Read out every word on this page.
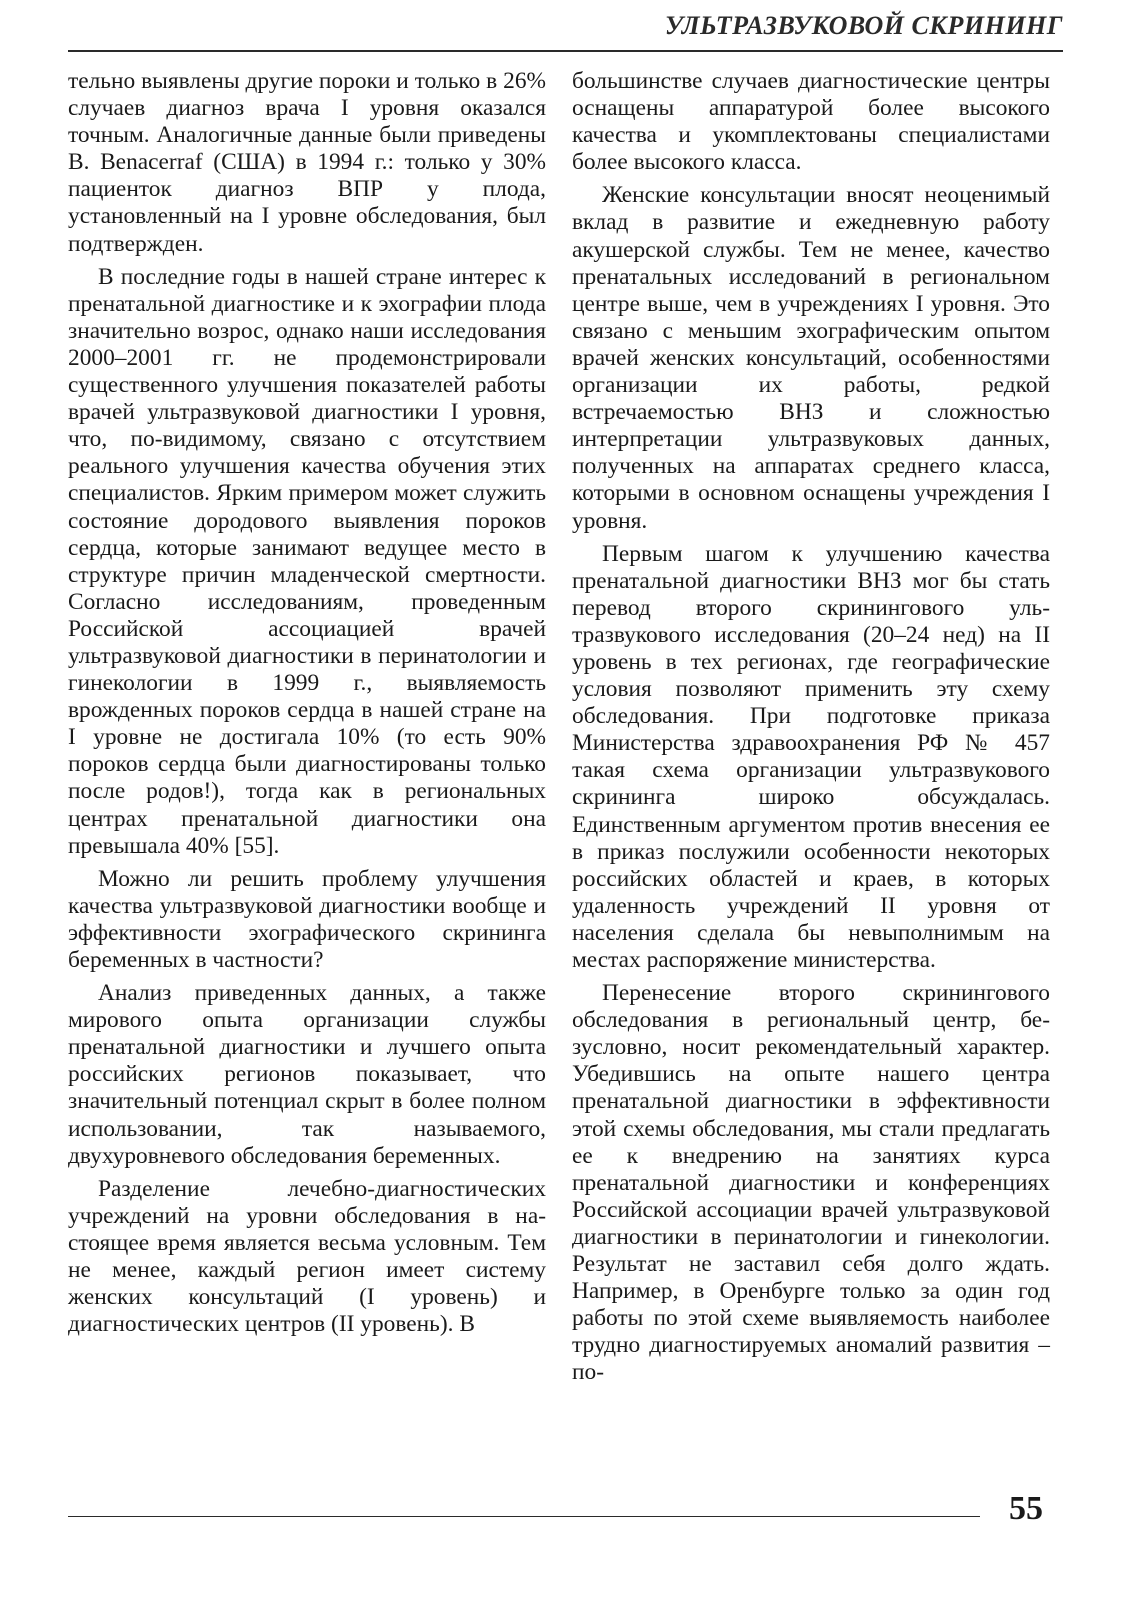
УЛЬТРАЗВУКОВОЙ СКРИНИНГ

тельно выявлены другие пороки и только в 26% случаев диагноз врача I уровня оказался точным. Аналогичные данные были приведены B. Benacerraf (США) в 1994 г.: только у 30% пациенток диагноз ВПР у плода, установленный на I уровне обследования, был подтвержден.

В последние годы в нашей стране интерес к пренатальной диагностике и к эхографии плода значительно возрос, однако наши исследования 2000–2001 гг. не продемонстрировали существенного улучшения показателей работы врачей ультразвуковой диагностики I уровня, что, по-видимому, связано с отсутствием реального улучшения качества обучения этих специалистов. Ярким примером может служить состояние дородового выявления пороков сердца, которые занимают ведущее место в структуре причин младенческой смертности. Согласно исследованиям, проведенным Российской ассоциацией врачей ультразвуковой диагностики в перинатологии и гинекологии в 1999 г., выявляемость врожденных пороков сердца в нашей стране на I уровне не достигала 10% (то есть 90% пороков сердца были диагностированы только после родов!), тогда как в региональных центрах пренатальной диагностики она превышала 40% [55].

Можно ли решить проблему улучшения качества ультразвуковой диагностики вообще и эффективности эхографического скрининга беременных в частности?

Анализ приведенных данных, а также мирового опыта организации службы пренатальной диагностики и лучшего опыта российских регионов показывает, что значительный потенциал скрыт в более полном использовании, так называемого, двухуровневого обследования беременных.

Разделение лечебно-диагностических учреждений на уровни обследования в настоящее время является весьма условным. Тем не менее, каждый регион имеет систему женских консультаций (I уровень) и диагностических центров (II уровень). В

большинстве случаев диагностические центры оснащены аппаратурой более высокого качества и укомплектованы специалистами более высокого класса.

Женские консультации вносят неоценимый вклад в развитие и ежедневную работу акушерской службы. Тем не менее, качество пренатальных исследований в региональном центре выше, чем в учреждениях I уровня. Это связано с меньшим эхографическим опытом врачей женских консультаций, особенностями организации их работы, редкой встречаемостью ВНЗ и сложностью интерпретации ультразвуковых данных, полученных на аппаратах среднего класса, которыми в основном оснащены учреждения I уровня.

Первым шагом к улучшению качества пренатальной диагностики ВНЗ мог бы стать перевод второго скринингового ультразвукового исследования (20–24 нед) на II уровень в тех регионах, где географические условия позволяют применить эту схему обследования. При подготовке приказа Министерства здравоохранения РФ № 457 такая схема организации ультразвукового скрининга широко обсуждалась. Единственным аргументом против внесения ее в приказ послужили особенности некоторых российских областей и краев, в которых удаленность учреждений II уровня от населения сделала бы невыполнимым на местах распоряжение министерства.

Перенесение второго скринингового обследования в региональный центр, безусловно, носит рекомендательный характер. Убедившись на опыте нашего центра пренатальной диагностики в эффективности этой схемы обследования, мы стали предлагать ее к внедрению на занятиях курса пренатальной диагностики и конференциях Российской ассоциации врачей ультразвуковой диагностики в перинатологии и гинекологии. Результат не заставил себя долго ждать. Например, в Оренбурге только за один год работы по этой схеме выявляемость наиболее трудно диагностируемых аномалий развития – по-

55
